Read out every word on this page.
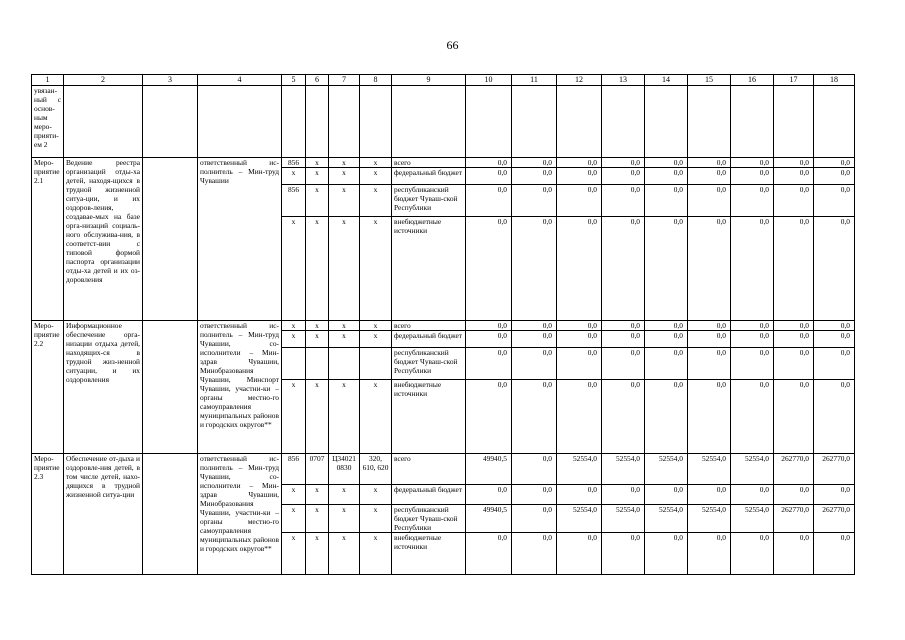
66
1	2	3	4	5	6	7	8	9	10	11	12	13	14	15	16	17	18
увязан-ный с основ-ным меро-прияти-ем 2																	
Меро-приятие 2.1	Ведение реестра организаций отды-ха детей, находя-щихся в трудной жизненной ситуа-ции, и их оздоров-ления, создавае-мых на базе орга-низаций социаль-ного обслужива-ния, в соответст-вии с типовой формой паспорта организации отды-ха детей и их оз-доровления		ответственный ис-полнитель – Мин-труд Чувашии	856	x	x	x	всего	0,0	0,0	0,0	0,0	0,0	0,0	0,0	0,0	0,0
				x	x	x	x	федеральный бюджет	0,0	0,0	0,0	0,0	0,0	0,0	0,0	0,0	0,0
				856	x	x	x	республиканский бюджет Чуваш-ской Республики	0,0	0,0	0,0	0,0	0,0	0,0	0,0	0,0	0,0
				x	x	x	x	внебюджетные источники	0,0	0,0	0,0	0,0	0,0	0,0	0,0	0,0	0,0
Меро-приятие 2.2	Информационное обеспечение орга-низации отдыха детей, находящих-ся в трудной жиз-ненной ситуации, и их оздоровления		ответственный ис-полнитель – Мин-труд Чувашии, со-исполнители – Мин-здрав Чувашии, Минобразования Чувашии, Минспорт Чувашии, участни-ки – органы местно-го самоуправления муниципальных районов и городских округов**	x	x	x	x	всего	0,0	0,0	0,0	0,0	0,0	0,0	0,0	0,0	0,0
				x	x	x	x	федеральный бюджет	0,0	0,0	0,0	0,0	0,0	0,0	0,0	0,0	0,0
								республиканский бюджет Чуваш-ской Республики	0,0	0,0	0,0	0,0	0,0	0,0	0,0	0,0	0,0
				x	x	x	x	внебюджетные источники	0,0	0,0	0,0	0,0	0,0	0,0	0,0	0,0	0,0
Меро-приятие 2.3	Обеспечение от-дыха и оздоровле-ния детей, в том числе детей, нахо-дящихся в трудной жизненной ситуа-ции		ответственный ис-полнитель – Мин-труд Чувашии, со-исполнители – Мин-здрав Чувашии, Минобразования Чувашии, участни-ки – органы местно-го самоуправления муниципальных районов и городских округов**	856	0707	Ц34021 0830	320, 610, 620	всего	49940,5	0,0	52554,0	52554,0	52554,0	52554,0	52554,0	262770,0	262770,0
				x	x	x	x	федеральный бюджет	0,0	0,0	0,0	0,0	0,0	0,0	0,0	0,0	0,0
				x	x	x	x	республиканский бюджет Чуваш-ской Республики	49940,5	0,0	52554,0	52554,0	52554,0	52554,0	52554,0	262770,0	262770,0
				x	x	x	x	внебюджетные источники	0,0	0,0	0,0	0,0	0,0	0,0	0,0	0,0	0,0
